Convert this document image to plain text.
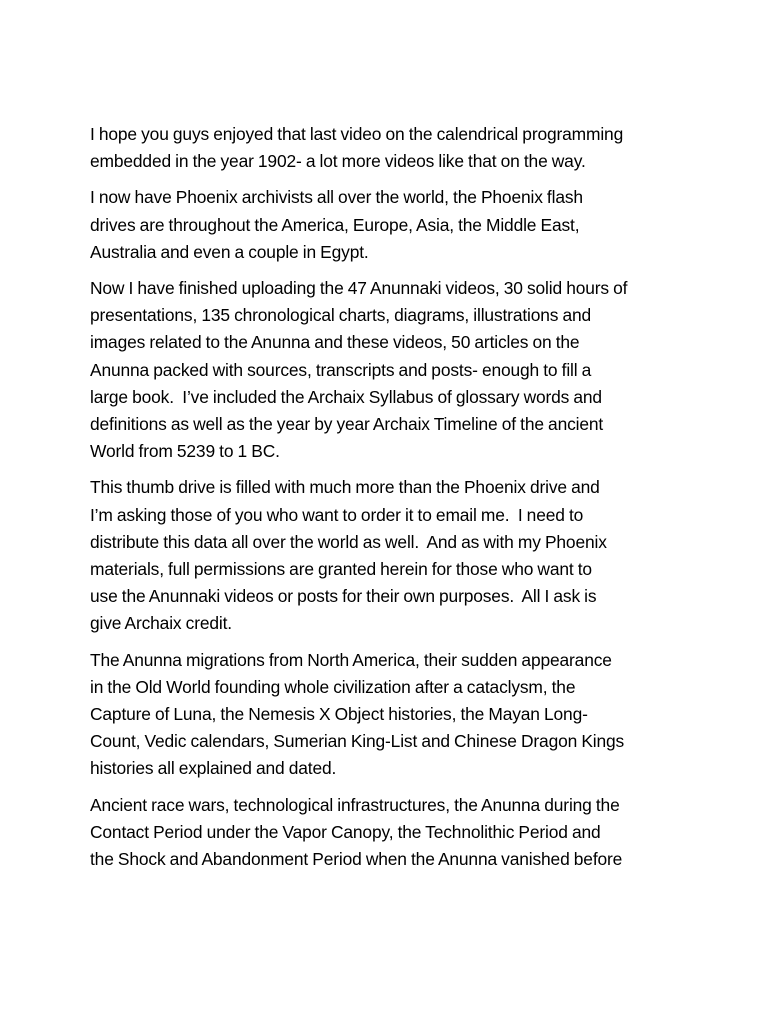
I hope you guys enjoyed that last video on the calendrical programming
embedded in the year 1902- a lot more videos like that on the way.

I now have Phoenix archivists all over the world, the Phoenix flash
drives are throughout the America, Europe, Asia, the Middle East,
Australia and even a couple in Egypt.

Now I have finished uploading the 47 Anunnaki videos, 30 solid hours of
presentations, 135 chronological charts, diagrams, illustrations and
images related to the Anunna and these videos, 50 articles on the
Anunna packed with sources, transcripts and posts- enough to fill a
large book.  I’ve included the Archaix Syllabus of glossary words and
definitions as well as the year by year Archaix Timeline of the ancient
World from 5239 to 1 BC.

This thumb drive is filled with much more than the Phoenix drive and
I’m asking those of you who want to order it to email me.  I need to
distribute this data all over the world as well.  And as with my Phoenix
materials, full permissions are granted herein for those who want to
use the Anunnaki videos or posts for their own purposes.  All I ask is
give Archaix credit.

The Anunna migrations from North America, their sudden appearance
in the Old World founding whole civilization after a cataclysm, the
Capture of Luna, the Nemesis X Object histories, the Mayan Long-
Count, Vedic calendars, Sumerian King-List and Chinese Dragon Kings
histories all explained and dated.

Ancient race wars, technological infrastructures, the Anunna during the
Contact Period under the Vapor Canopy, the Technolithic Period and
the Shock and Abandonment Period when the Anunna vanished before
